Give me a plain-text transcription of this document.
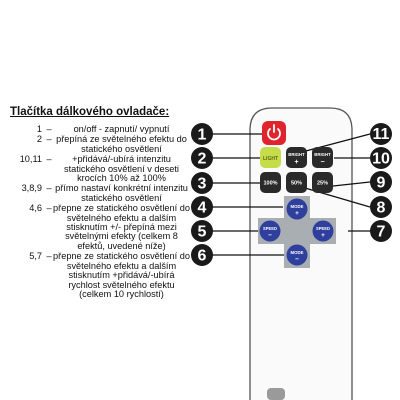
Tlačítka dálkového ovladače:
1 –	on/off - zapnutí/ vypnutí
2 – přepíná ze světelného efektu do statického osvětlení
10,11 –	+přidává/-ubírá intenzitu statického osvětlení v deseti krocích 10% až 100%
3,8,9 – přímo nastaví konkrétní intenzitu statického osvětlení
4,6 – přepne ze statického osvětlení do světelného efektu a dalším stisknutím +/- přepíná mezi světelnými efekty (celkem 8 efektů, uvedené níže)
5,7 – přepne ze statického osvětlení do světelného efektu a dalším stisknutím +přidává/-ubírá rychlost světelného efektu (celkem 10 rychlostí)
LIGHT
BRIGHT
+
BRIGHT
−
100% 50%	25%
MODE
+
SPEED
−
SPEED
+
MODE
−
1
2
3
4
5
6
7
8
9
10
11
